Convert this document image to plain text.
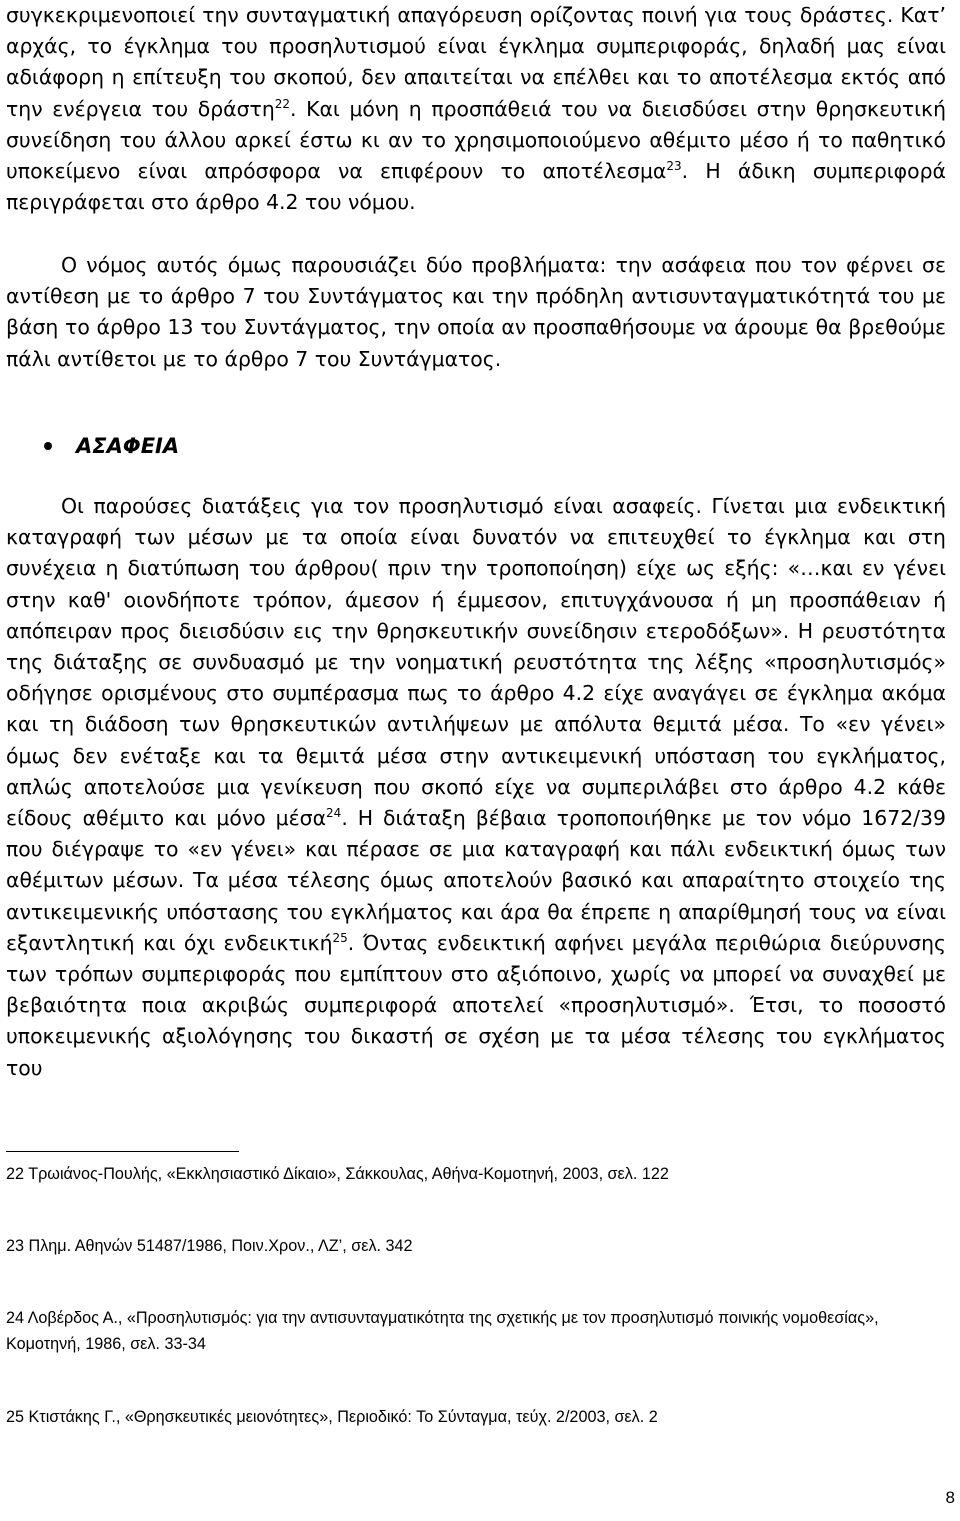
συγκεκριμενοποιεί την συνταγματική απαγόρευση ορίζοντας ποινή για τους δράστες. Κατ’ αρχάς, το έγκλημα του προσηλυτισμού είναι έγκλημα συμπεριφοράς, δηλαδή μας είναι αδιάφορη η επίτευξη του σκοπού, δεν απαιτείται να επέλθει και το αποτέλεσμα εκτός από την ενέργεια του δράστη$^{22}$. Και μόνη η προσπάθειά του να διεισδύσει στην θρησκευτική συνείδηση του άλλου αρκεί έστω κι αν το χρησιμοποιούμενο αθέμιτο μέσο ή το παθητικό υποκείμενο είναι απρόσφορα να επιφέρουν το αποτέλεσμα$^{23}$. Η άδικη συμπεριφορά περιγράφεται στο άρθρο 4.2 του νόμου.

Ο νόμος αυτός όμως παρουσιάζει δύο προβλήματα: την ασάφεια που τον φέρνει σε αντίθεση με το άρθρο 7 του Συντάγματος και την πρόδηλη αντισυνταγματικότητά του με βάση το άρθρο 13 του Συντάγματος, την οποία αν προσπαθήσουμε να άρουμε θα βρεθούμε πάλι αντίθετοι με το άρθρο 7 του Συντάγματος.

ΑΣΑΦΕΙΑ

Οι παρούσες διατάξεις για τον προσηλυτισμό είναι ασαφείς. Γίνεται μια ενδεικτική καταγραφή των μέσων με τα οποία είναι δυνατόν να επιτευχθεί το έγκλημα και στη συνέχεια η διατύπωση του άρθρου( πριν την τροποποίηση) είχε ως εξής: «…και εν γένει στην καθ' οιονδήποτε τρόπον, άμεσον ή έμμεσον, επιτυγχάνουσα ή μη προσπάθειαν ή απόπειραν προς διεισδύσιν εις την θρησκευτικήν συνείδησιν ετεροδόξων». Η ρευστότητα της διάταξης σε συνδυασμό με την νοηματική ρευστότητα της λέξης «προσηλυτισμός» οδήγησε ορισμένους στο συμπέρασμα πως το άρθρο 4.2 είχε αναγάγει σε έγκλημα ακόμα και τη διάδοση των θρησκευτικών αντιλήψεων με απόλυτα θεμιτά μέσα. Το «εν γένει» όμως δεν ενέταξε και τα θεμιτά μέσα στην αντικειμενική υπόσταση του εγκλήματος, απλώς αποτελούσε μια γενίκευση που σκοπό είχε να συμπεριλάβει στο άρθρο 4.2 κάθε είδους αθέμιτο και μόνο μέσα$^{24}$. Η διάταξη βέβαια τροποποιήθηκε με τον νόμο 1672/39 που διέγραψε το «εν γένει» και πέρασε σε μια καταγραφή και πάλι ενδεικτική όμως των αθέμιτων μέσων. Τα μέσα τέλεσης όμως αποτελούν βασικό και απαραίτητο στοιχείο της αντικειμενικής υπόστασης του εγκλήματος και άρα θα έπρεπε η απαρίθμησή τους να είναι εξαντλητική και όχι ενδεικτική$^{25}$. Όντας ενδεικτική αφήνει μεγάλα περιθώρια διεύρυνσης των τρόπων συμπεριφοράς που εμπίπτουν στο αξιόποινο, χωρίς να μπορεί να συναχθεί με βεβαιότητα ποια ακριβώς συμπεριφορά αποτελεί «προσηλυτισμό». Έτσι, το ποσοστό υποκειμενικής αξιολόγησης του δικαστή σε σχέση με τα μέσα τέλεσης του εγκλήματος του

22 Τρωιάνος-Πουλής, «Εκκλησιαστικό Δίκαιο», Σάκκουλας, Αθήνα-Κομοτηνή, 2003, σελ. 122
23 Πλημ. Αθηνών 51487/1986, Ποιν.Χρον., ΛΖ’, σελ. 342
24 Λοβέρδος Α., «Προσηλυτισμός: για την αντισυνταγματικότητα της σχετικής με τον προσηλυτισμό ποινικής νομοθεσίας», Κομοτηνή, 1986, σελ. 33-34
25 Κτιστάκης Γ., «Θρησκευτικές μειονότητες», Περιοδικό: Το Σύνταγμα, τεύχ. 2/2003, σελ. 2
8
